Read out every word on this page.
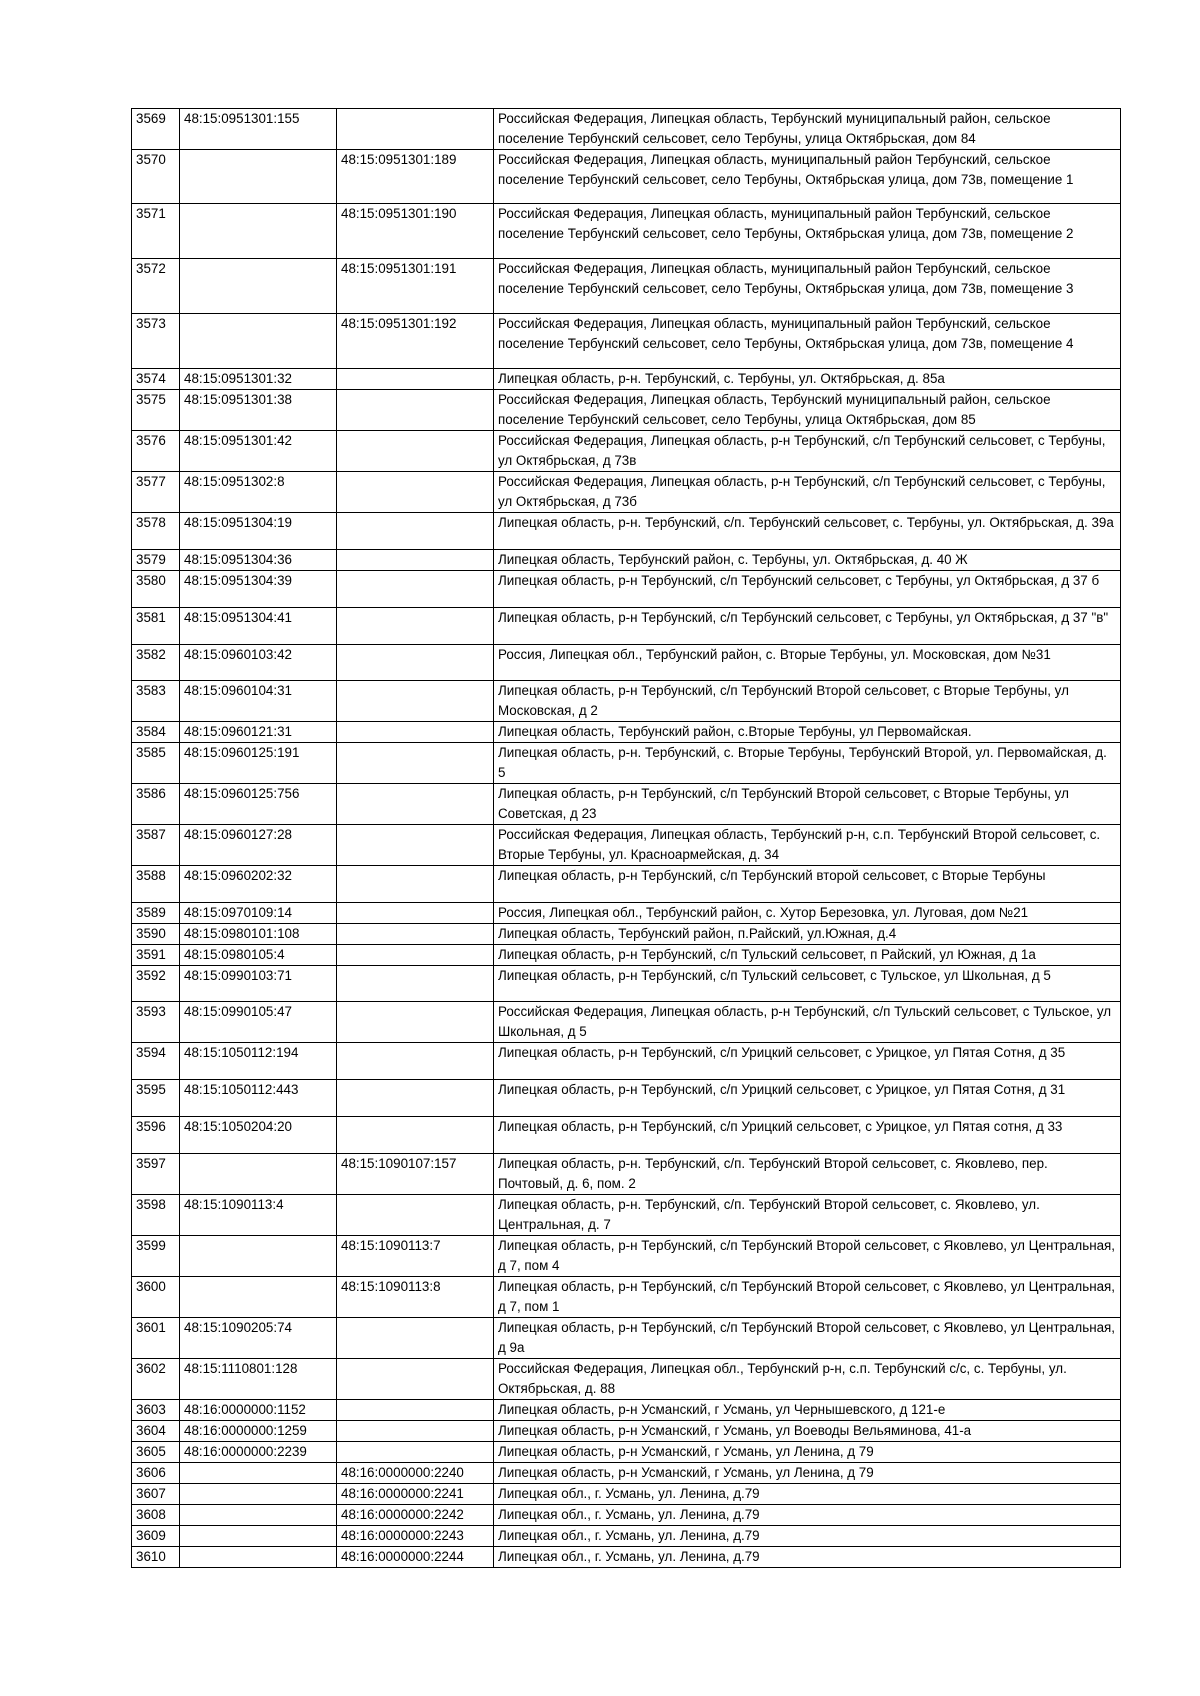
3569	48:15:0951301:155		Российская Федерация, Липецкая область, Тербунский муниципальный район, сельское поселение Тербунский сельсовет, село Тербуны, улица Октябрьская, дом 84
3570		48:15:0951301:189	Российская Федерация, Липецкая область, муниципальный район Тербунский, сельское поселение Тербунский сельсовет, село Тербуны, Октябрьская улица, дом 73в, помещение 1
3571		48:15:0951301:190	Российская Федерация, Липецкая область, муниципальный район Тербунский, сельское поселение Тербунский сельсовет, село Тербуны, Октябрьская улица, дом 73в, помещение 2
3572		48:15:0951301:191	Российская Федерация, Липецкая область, муниципальный район Тербунский, сельское поселение Тербунский сельсовет, село Тербуны, Октябрьская улица, дом 73в, помещение 3
3573		48:15:0951301:192	Российская Федерация, Липецкая область, муниципальный район Тербунский, сельское поселение Тербунский сельсовет, село Тербуны, Октябрьская улица, дом 73в, помещение 4
3574	48:15:0951301:32		Липецкая область, р-н. Тербунский, с. Тербуны, ул. Октябрьская, д. 85а
3575	48:15:0951301:38		Российская Федерация, Липецкая область, Тербунский муниципальный район, сельское поселение Тербунский сельсовет, село Тербуны, улица Октябрьская, дом 85
3576	48:15:0951301:42		Российская Федерация, Липецкая область, р-н Тербунский, с/п Тербунский сельсовет, с Тербуны, ул Октябрьская, д 73в
3577	48:15:0951302:8		Российская Федерация, Липецкая область, р-н Тербунский, с/п Тербунский сельсовет, с Тербуны, ул Октябрьская, д 73б
3578	48:15:0951304:19		Липецкая область, р-н. Тербунский, с/п. Тербунский сельсовет, с. Тербуны, ул. Октябрьская, д. 39а
3579	48:15:0951304:36		Липецкая область, Тербунский район, с. Тербуны, ул. Октябрьская, д. 40 Ж
3580	48:15:0951304:39		Липецкая область, р-н Тербунский, с/п Тербунский сельсовет, с Тербуны, ул Октябрьская, д 37 б
3581	48:15:0951304:41		Липецкая область, р-н Тербунский, с/п Тербунский сельсовет, с Тербуны, ул Октябрьская, д 37 "в"
3582	48:15:0960103:42		Россия, Липецкая обл., Тербунский район, с. Вторые Тербуны, ул. Московская, дом №31
3583	48:15:0960104:31		Липецкая область, р-н Тербунский, с/п Тербунский Второй сельсовет, с Вторые Тербуны, ул Московская, д 2
3584	48:15:0960121:31		Липецкая область, Тербунский район, с.Вторые Тербуны, ул Первомайская.
3585	48:15:0960125:191		Липецкая область, р-н. Тербунский, с. Вторые Тербуны, Тербунский Второй, ул. Первомайская, д. 5
3586	48:15:0960125:756		Липецкая область, р-н Тербунский, с/п Тербунский Второй сельсовет, с Вторые Тербуны, ул Советская, д 23
3587	48:15:0960127:28		Российская Федерация, Липецкая область, Тербунский р-н, с.п. Тербунский Второй сельсовет, с. Вторые Тербуны, ул. Красноармейская, д. 34
3588	48:15:0960202:32		Липецкая область, р-н Тербунский, с/п Тербунский второй сельсовет, с Вторые Тербуны
3589	48:15:0970109:14		Россия, Липецкая обл., Тербунский район, с. Хутор Березовка, ул. Луговая, дом №21
3590	48:15:0980101:108		Липецкая область, Тербунский район, п.Райский, ул.Южная, д.4
3591	48:15:0980105:4		Липецкая область, р-н Тербунский, с/п Тульский сельсовет, п Райский, ул Южная, д 1а
3592	48:15:0990103:71		Липецкая область, р-н Тербунский, с/п Тульский сельсовет, с Тульское, ул Школьная, д 5
3593	48:15:0990105:47		Российская Федерация, Липецкая область, р-н Тербунский, с/п Тульский сельсовет, с Тульское, ул Школьная, д 5
3594	48:15:1050112:194		Липецкая область, р-н Тербунский, с/п Урицкий сельсовет, с Урицкое, ул Пятая Сотня, д 35
3595	48:15:1050112:443		Липецкая область, р-н Тербунский, с/п Урицкий сельсовет, с Урицкое, ул Пятая Сотня, д 31
3596	48:15:1050204:20		Липецкая область, р-н Тербунский, с/п Урицкий сельсовет, с Урицкое, ул Пятая сотня, д 33
3597		48:15:1090107:157	Липецкая область, р-н. Тербунский, с/п. Тербунский Второй сельсовет, с. Яковлево, пер. Почтовый, д. 6, пом. 2
3598	48:15:1090113:4		Липецкая область, р-н. Тербунский, с/п. Тербунский Второй сельсовет, с. Яковлево, ул. Центральная, д. 7
3599		48:15:1090113:7	Липецкая область, р-н Тербунский, с/п Тербунский Второй сельсовет, с Яковлево, ул Центральная, д 7, пом 4
3600		48:15:1090113:8	Липецкая область, р-н Тербунский, с/п Тербунский Второй сельсовет, с Яковлево, ул Центральная, д 7, пом 1
3601	48:15:1090205:74		Липецкая область, р-н Тербунский, с/п Тербунский Второй сельсовет, с Яковлево, ул Центральная, д 9а
3602	48:15:1110801:128		Российская Федерация, Липецкая обл., Тербунский р-н, с.п. Тербунский с/с, с. Тербуны, ул. Октябрьская, д. 88
3603	48:16:0000000:1152		Липецкая область, р-н Усманский, г Усмань, ул Чернышевского, д 121-е
3604	48:16:0000000:1259		Липецкая область, р-н Усманский, г Усмань, ул Воеводы Вельяминова, 41-а
3605	48:16:0000000:2239		Липецкая область, р-н Усманский, г Усмань, ул Ленина, д 79
3606		48:16:0000000:2240	Липецкая область, р-н Усманский, г Усмань, ул Ленина, д 79
3607		48:16:0000000:2241	Липецкая обл., г. Усмань, ул. Ленина, д.79
3608		48:16:0000000:2242	Липецкая обл., г. Усмань, ул. Ленина, д.79
3609		48:16:0000000:2243	Липецкая обл., г. Усмань, ул. Ленина, д.79
3610		48:16:0000000:2244	Липецкая обл., г. Усмань, ул. Ленина, д.79
